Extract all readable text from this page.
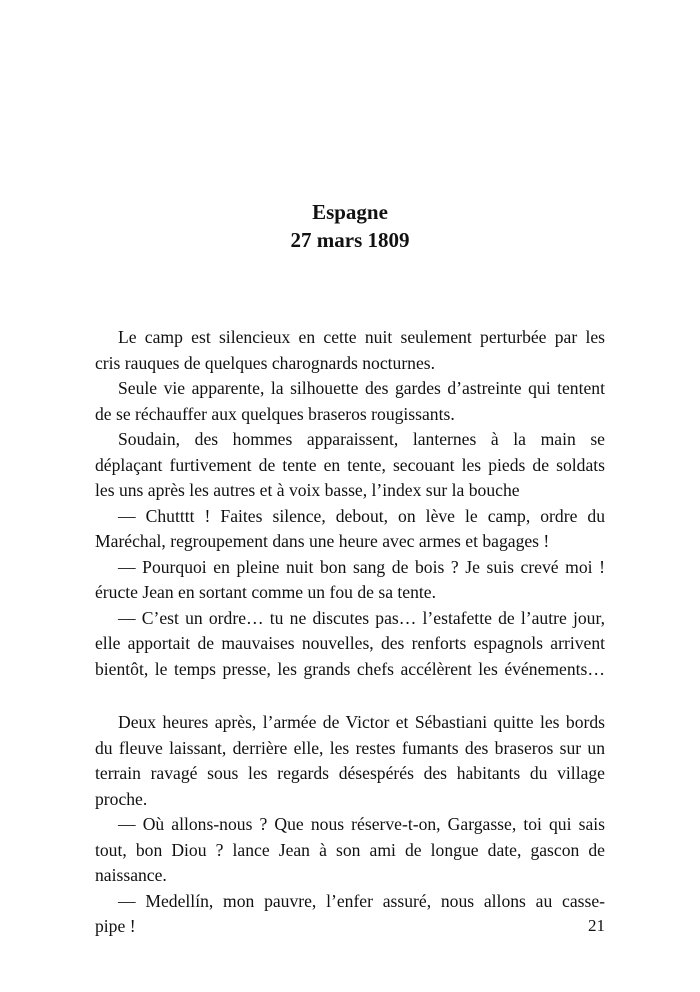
Espagne
27 mars 1809
Le camp est silencieux en cette nuit seulement perturbée par les
cris rauques de quelques charognards nocturnes.
Seule vie apparente, la silhouette des gardes d’astreinte qui tentent
de se réchauffer aux quelques braseros rougissants.
Soudain, des hommes apparaissent, lanternes à la main se
déplaçant furtivement de tente en tente, secouant les pieds de soldats
les uns après les autres et à voix basse, l’index sur la bouche
— Chutttt ! Faites silence, debout, on lève le camp, ordre du
Maréchal, regroupement dans une heure avec armes et bagages !
— Pourquoi en pleine nuit bon sang de bois ? Je suis crevé moi !
éructe Jean en sortant comme un fou de sa tente.
— C’est un ordre… tu ne discutes pas… l’estafette de l’autre jour,
elle apportait de mauvaises nouvelles, des renforts espagnols arrivent
bientôt, le temps presse, les grands chefs accélèrent les événements…
Deux heures après, l’armée de Victor et Sébastiani quitte les bords
du fleuve laissant, derrière elle, les restes fumants des braseros sur un
terrain ravagé sous les regards désespérés des habitants du village
proche.
— Où allons-nous ? Que nous réserve-t-on, Gargasse, toi qui sais
tout, bon Diou ? lance Jean à son ami de longue date, gascon de
naissance.
— Medellín, mon pauvre, l’enfer assuré, nous allons au casse-
pipe !	21
